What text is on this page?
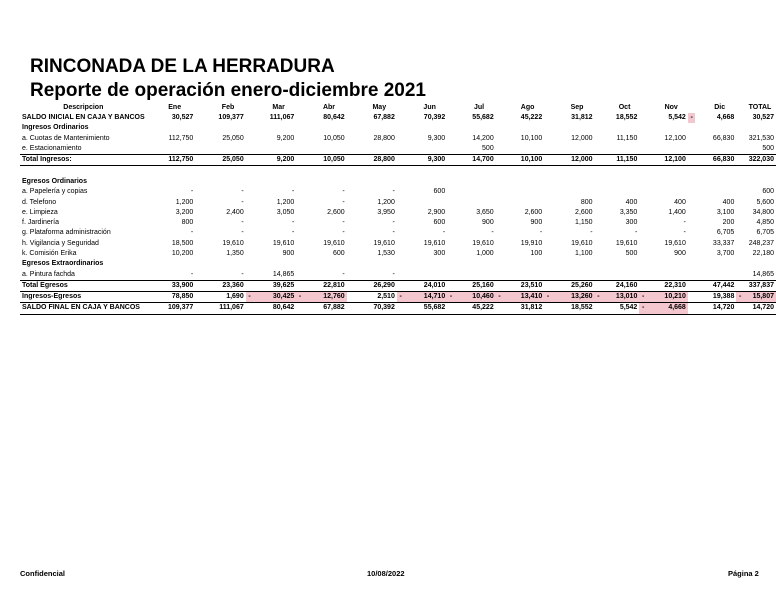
RINCONADA DE LA HERRADURA
Reporte de operación enero-diciembre 2021
Descripcion	Ene		Feb		Mar		Abr		May		Jun		Jul		Ago		Sep		Oct		Nov		Dic		TOTAL
SALDO INICIAL EN CAJA Y BANCOS	30,527		109,377		111,067		80,642		67,882		70,392		55,682		45,222		31,812		18,552		5,542	-	4,668		30,527
Ingresos Ordinarios																									
a. Cuotas de Mantenimiento	112,750		25,050		9,200		10,050		28,800		9,300		14,200		10,100		12,000		11,150		12,100		66,830		321,530
e. Estacionamiento													500												500
Total Ingresos:	112,750		25,050		9,200		10,050		28,800		9,300		14,700		10,100		12,000		11,150		12,100		66,830		322,030

Egresos Ordinarios																									
a. Papelería y copias	-		-		-		-		-		600														600
d. Telefono	1,200		-		1,200		-		1,200								800		400		400		400		5,600
e. Limpieza	3,200		2,400		3,050		2,600		3,950		2,900		3,650		2,600		2,600		3,350		1,400		3,100		34,800
f. Jardinería	800		-		-		-		-		600		900		900		1,150		300		-		200		4,850
g. Plataforma administración	-		-		-		-		-		-		-		-		-		-		-		6,705		6,705
h. Vigilancia y Seguridad	18,500		19,610		19,610		19,610		19,610		19,610		19,610		19,910		19,610		19,610		19,610		33,337		248,237
k. Comisión Erika	10,200		1,350		900		600		1,530		300		1,000		100		1,100		500		900		3,700		22,180
Egresos Extraordinarios																									
a. Pintura fachda	-		-		14,865		-		-																14,865
Total Egresos	33,900		23,360		39,625		22,810		26,290		24,010		25,160		23,510		25,260		24,160		22,310		47,442		337,837
Ingresos-Egresos	78,850		1,690	-	30,425	-	12,760		2,510	-	14,710	-	10,460	-	13,410	-	13,260	-	13,010	-	10,210		19,388	-	15,807
SALDO FINAL EN CAJA Y BANCOS	109,377		111,067		80,642		67,882		70,392		55,682		45,222		31,812		18,552		5,542	-	4,668		14,720		14,720
Confidencial	10/08/2022	Página 2
